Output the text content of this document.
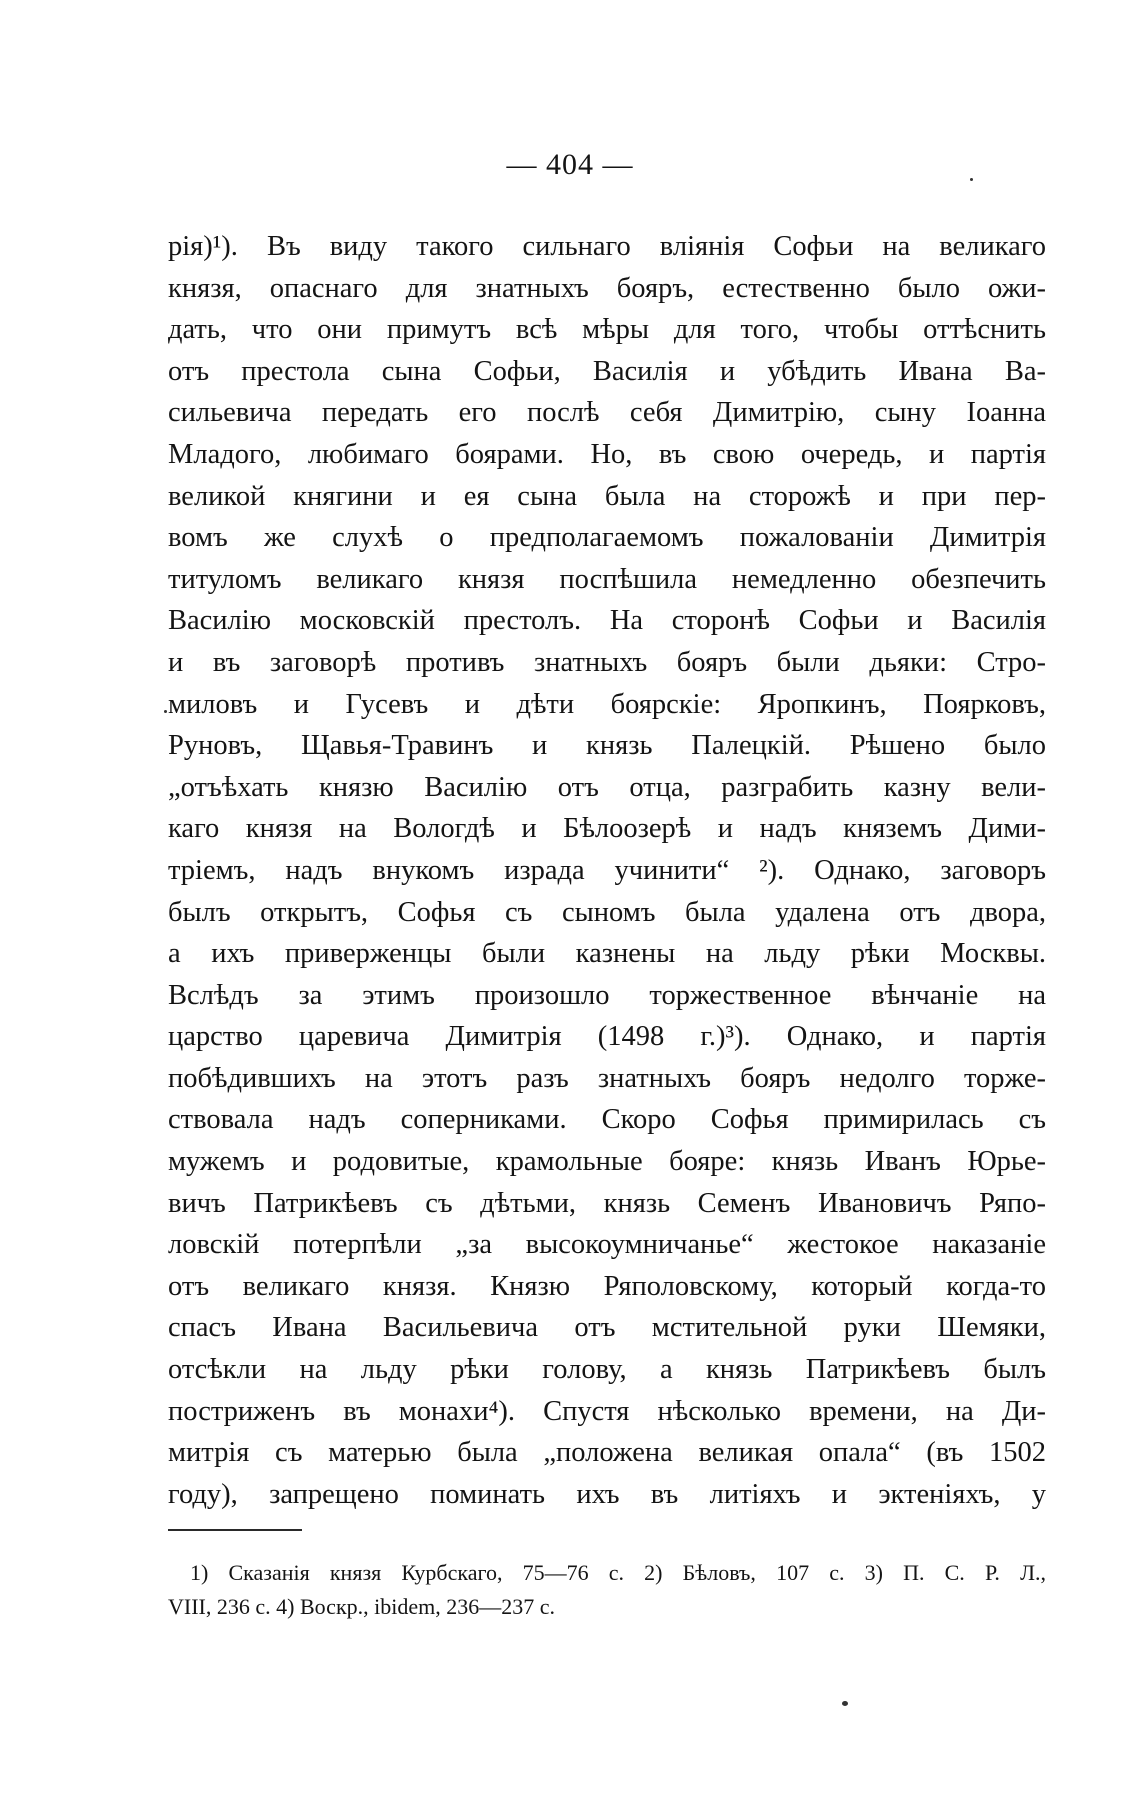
— 404 —
рія)¹). Въ виду такого сильнаго вліянія Софьи на великаго
князя, опаснаго для знатныхъ бояръ, естественно было ожи-
дать, что они примутъ всѣ мѣры для того, чтобы оттѣснить
отъ престола сына Софьи, Василія и убѣдить Ивана Ва-
сильевича передать его послѣ себя Димитрію, сыну Іоанна
Младого, любимаго боярами. Но, въ свою очередь, и партія
великой княгини и ея сына была на сторожѣ и при пер-
вомъ же слухѣ о предполагаемомъ пожалованіи Димитрія
титуломъ великаго князя поспѣшила немедленно обезпечить
Василію московскій престолъ. На сторонѣ Софьи и Василія
и въ заговорѣ противъ знатныхъ бояръ были дьяки: Стро-
миловъ и Гусевъ и дѣти боярскіе: Яропкинъ, Поярковъ,
Руновъ, Щавья-Травинъ и князь Палецкій. Рѣшено было
„отъѣхать князю Василію отъ отца, разграбить казну вели-
каго князя на Вологдѣ и Бѣлоозерѣ и надъ княземъ Дими-
тріемъ, надъ внукомъ израда учинити“ ²). Однако, заговоръ
былъ открытъ, Софья съ сыномъ была удалена отъ двора,
а ихъ приверженцы были казнены на льду рѣки Москвы.
Вслѣдъ за этимъ произошло торжественное вѣнчаніе на
царство царевича Димитрія (1498 г.)³). Однако, и партія
побѣдившихъ на этотъ разъ знатныхъ бояръ недолго торже-
ствовала надъ соперниками. Скоро Софья примирилась съ
мужемъ и родовитые, крамольные бояре: князь Иванъ Юрье-
вичъ Патрикѣевъ съ дѣтьми, князь Семенъ Ивановичъ Ряпо-
ловскій потерпѣли „за высокоумничанье“ жестокое наказаніе
отъ великаго князя. Князю Ряполовскому, который когда-то
спасъ Ивана Васильевича отъ мстительной руки Шемяки,
отсѣкли на льду рѣки голову, а князь Патрикѣевъ былъ
постриженъ въ монахи⁴). Спустя нѣсколько времени, на Ди-
митрія съ матерью была „положена великая опала“ (въ 1502
году), запрещено поминать ихъ въ литіяхъ и эктеніяхъ, у
1) Сказанія князя Курбскаго, 75—76 с. 2) Бѣловъ, 107 с. 3) П. С. Р. Л.,
VIII, 236 с. 4) Воскр., ibidem, 236—237 с.
